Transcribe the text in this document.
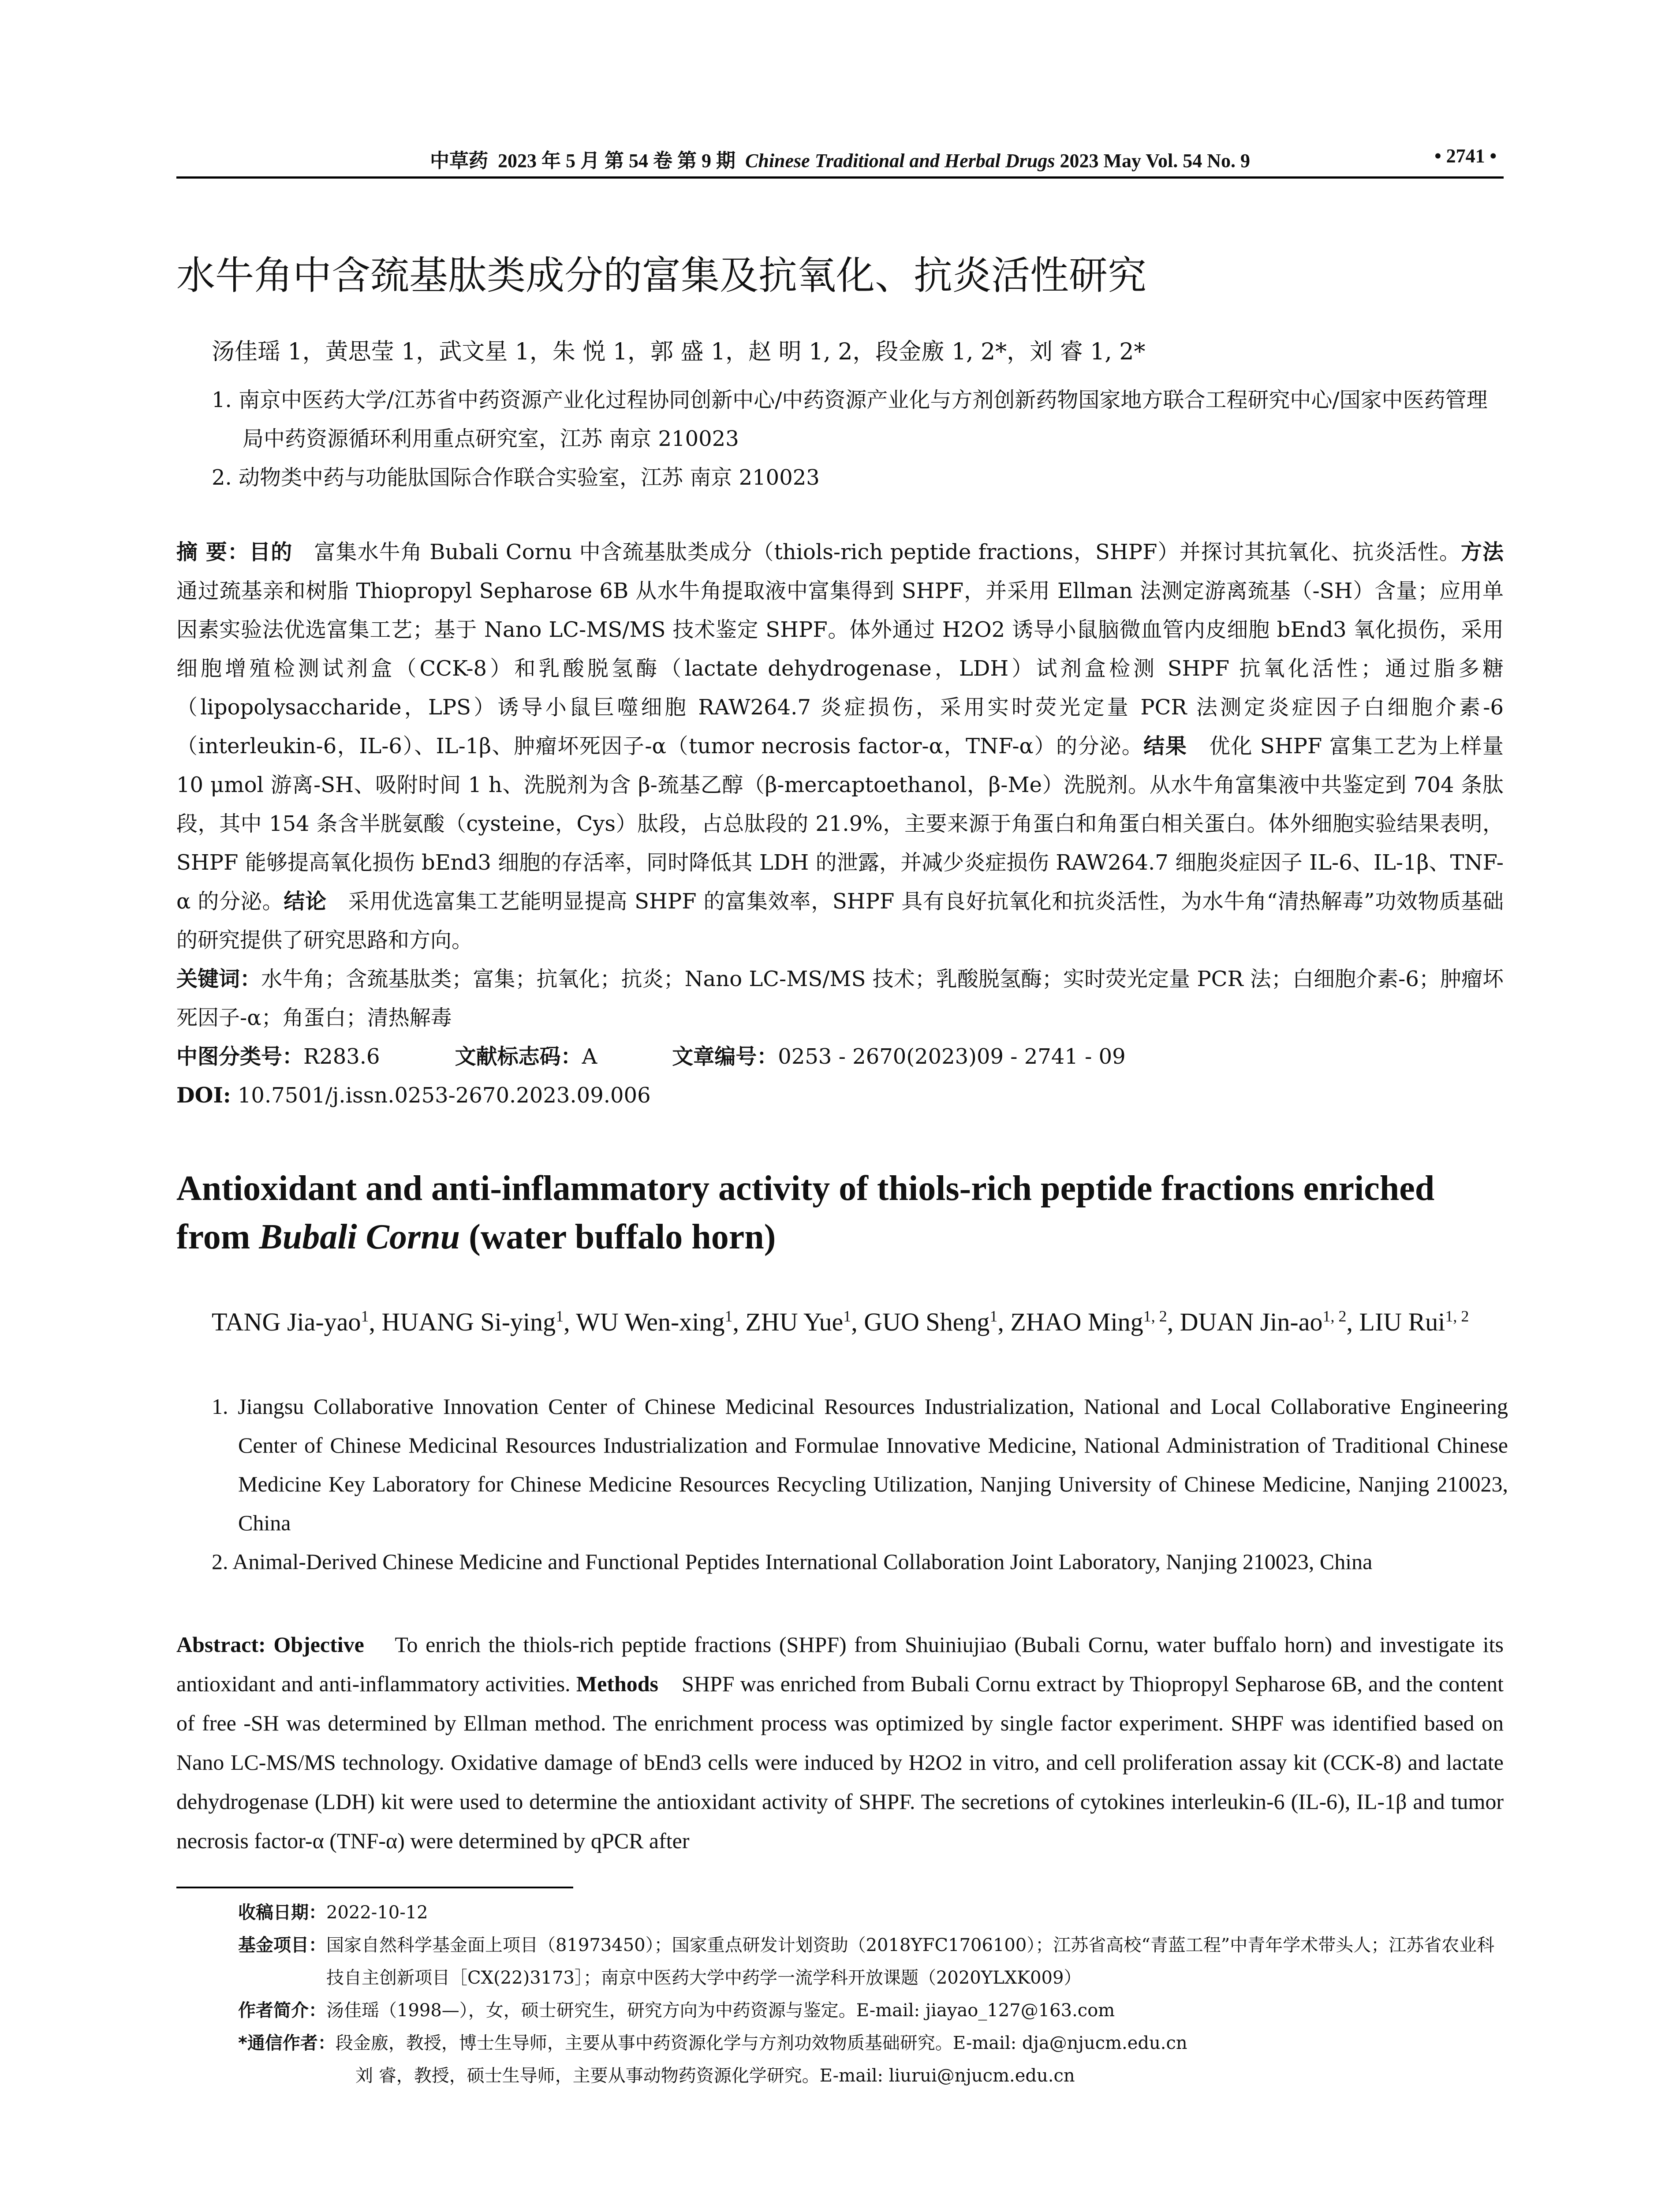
中草药 2023 年 5 月 第 54 卷 第 9 期 Chinese Traditional and Herbal Drugs 2023 May Vol. 54 No. 9	• 2741 •
水牛角中含巯基肽类成分的富集及抗氧化、抗炎活性研究
汤佳瑶 1，黄思莹 1，武文星 1，朱 悦 1，郭 盛 1，赵 明 1, 2，段金廒 1, 2*，刘 睿 1, 2*
1. 南京中医药大学/江苏省中药资源产业化过程协同创新中心/中药资源产业化与方剂创新药物国家地方联合工程研究中心/国家中医药管理局中药资源循环利用重点研究室，江苏 南京 210023
2. 动物类中药与功能肽国际合作联合实验室，江苏 南京 210023

摘 要：目的　 富集水牛角 Bubali Cornu 中含巯基肽类成分（thiols-rich peptide fractions，SHPF）并探讨其抗氧化、抗炎活性。方法　通过巯基亲和树脂 Thiopropyl Sepharose 6B 从水牛角提取液中富集得到 SHPF，并采用 Ellman 法测定游离巯基（-SH）含量；应用单因素实验法优选富集工艺；基于 Nano LC-MS/MS 技术鉴定 SHPF。体外通过 H2O2 诱导小鼠脑微血管内皮细胞 bEnd3 氧化损伤，采用细胞增殖检测试剂盒（CCK-8）和乳酸脱氢酶（lactate dehydrogenase，LDH）试剂盒检测 SHPF 抗氧化活性；通过脂多糖（lipopolysaccharide，LPS）诱导小鼠巨噬细胞 RAW264.7 炎症损伤，采用实时荧光定量 PCR 法测定炎症因子白细胞介素-6（interleukin-6，IL-6）、IL-1β、肿瘤坏死因子-α（tumor necrosis factor-α，TNF-α）的分泌。结果　 优化 SHPF 富集工艺为上样量 10 μmol 游离-SH、吸附时间 1 h、洗脱剂为含 β-巯基乙醇（β-mercaptoethanol，β-Me）洗脱剂。从水牛角富集液中共鉴定到 704 条肽段，其中 154 条含半胱氨酸（cysteine，Cys）肽段，占总肽段的 21.9%，主要来源于角蛋白和角蛋白相关蛋白。体外细胞实验结果表明，SHPF 能够提高氧化损伤 bEnd3 细胞的存活率，同时降低其 LDH 的泄露，并减少炎症损伤 RAW264.7 细胞炎症因子 IL-6、IL-1β、TNF-α 的分泌。结论　 采用优选富集工艺能明显提高 SHPF 的富集效率，SHPF 具有良好抗氧化和抗炎活性，为水牛角“清热解毒”功效物质基础的研究提供了研究思路和方向。

关键词：水牛角；含巯基肽类；富集；抗氧化；抗炎；Nano LC-MS/MS 技术；乳酸脱氢酶；实时荧光定量 PCR 法；白细胞介素-6；肿瘤坏死因子-α；角蛋白；清热解毒

中图分类号：R283.6	文献标志码：A	文章编号：0253 - 2670(2023)09 - 2741 - 09

DOI: 10.7501/j.issn.0253-2670.2023.09.006

Antioxidant and anti-inflammatory activity of thiols-rich peptide fractions enriched from Bubali Cornu (water buffalo horn)
TANG Jia-yao$^1$, HUANG Si-ying$^1$, WU Wen-xing$^1$, ZHU Yue$^1$, GUO Sheng$^1$, ZHAO Ming$^{1, 2}$, DUAN Jin-ao$^{1, 2}$, LIU Rui$^{1, 2}$
1. Jiangsu Collaborative Innovation Center of Chinese Medicinal Resources Industrialization, National and Local Collaborative Engineering Center of Chinese Medicinal Resources Industrialization and Formulae Innovative Medicine, National Administration of Traditional Chinese Medicine Key Laboratory for Chinese Medicine Resources Recycling Utilization, Nanjing University of Chinese Medicine, Nanjing 210023, China
2. Animal-Derived Chinese Medicine and Functional Peptides International Collaboration Joint Laboratory, Nanjing 210023, China
Abstract: Objective To enrich the thiols-rich peptide fractions (SHPF) from Shuiniujiao (Bubali Cornu, water buffalo horn) and investigate its antioxidant and anti-inflammatory activities. Methods SHPF was enriched from Bubali Cornu extract by Thiopropyl Sepharose 6B, and the content of free -SH was determined by Ellman method. The enrichment process was optimized by single factor experiment. SHPF was identified based on Nano LC-MS/MS technology. Oxidative damage of bEnd3 cells were induced by H2O2 in vitro, and cell proliferation assay kit (CCK-8) and lactate dehydrogenase (LDH) kit were used to determine the antioxidant activity of SHPF. The secretions of cytokines interleukin-6 (IL-6), IL-1β and tumor necrosis factor-α (TNF-α) were determined by qPCR after
收稿日期： 2022-10-12
基金项目： 国家自然科学基金面上项目（81973450）；国家重点研发计划资助（2018YFC1706100）；江苏省高校“青蓝工程”中青年学术带头人；江苏省农业科技自主创新项目［CX(22)3173］；南京中医药大学中药学一流学科开放课题（2020YLXK009）
作者简介： 汤佳瑶（1998—），女，硕士研究生，研究方向为中药资源与鉴定。E-mail: jiayao_127@163.com
*通信作者： 段金廒，教授，博士生导师，主要从事中药资源化学与方剂功效物质基础研究。E-mail: dja@njucm.edu.cn
刘 睿，教授，硕士生导师，主要从事动物药资源化学研究。E-mail: liurui@njucm.edu.cn
